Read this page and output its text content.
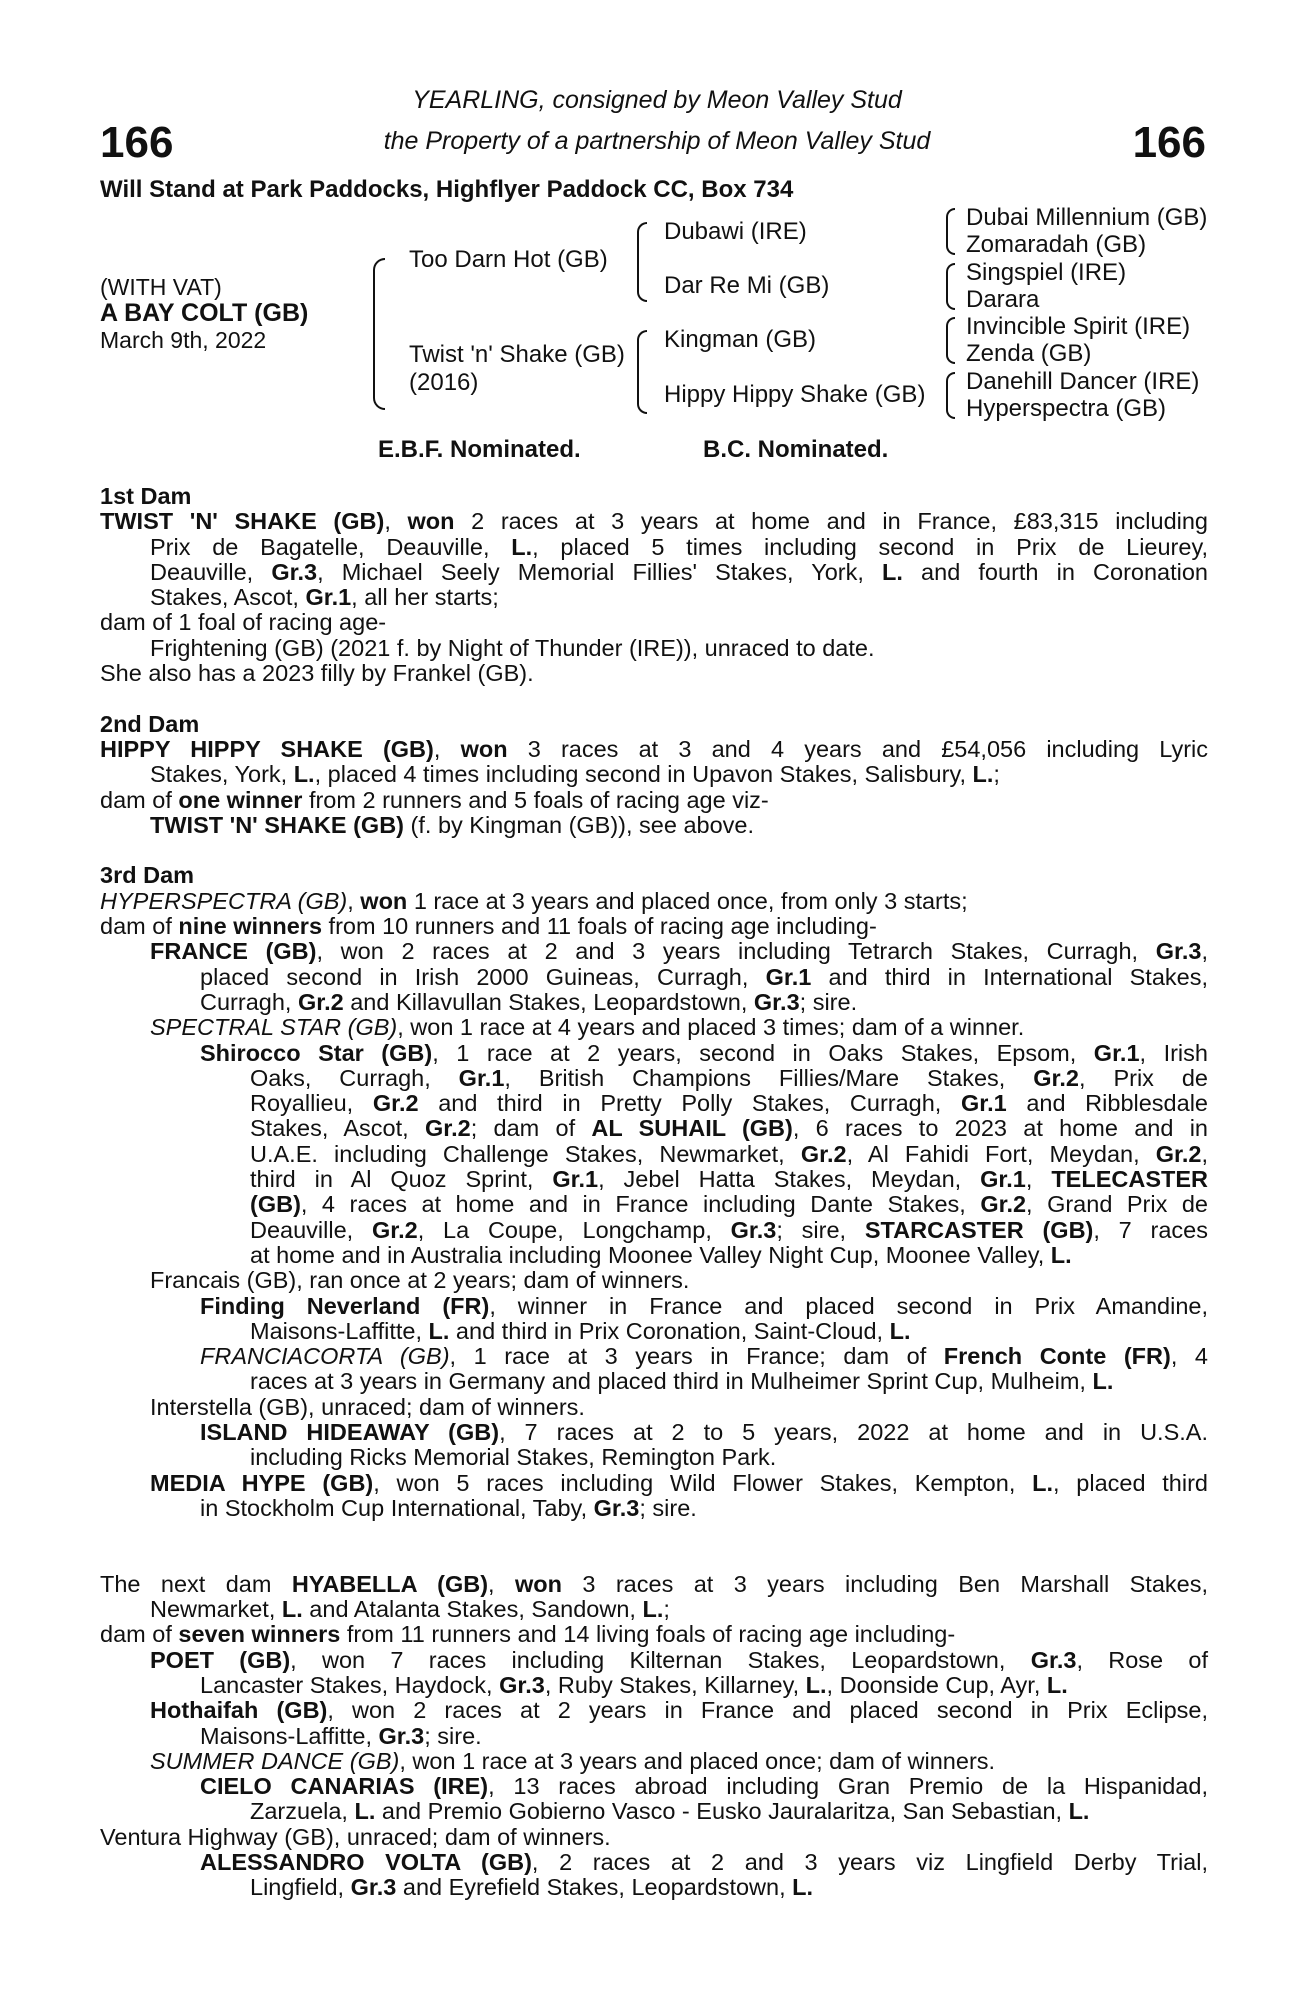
166	166
YEARLING, consigned by Meon Valley Stud
the Property of a partnership of Meon Valley Stud
Will Stand at Park Paddocks, Highflyer Paddock CC, Box 734
(WITH VAT)
A BAY COLT (GB)
March 9th, 2022
Too Darn Hot (GB)
Twist 'n' Shake (GB)
(2016)
Dubawi (IRE)
Dar Re Mi (GB)
Kingman (GB)
Hippy Hippy Shake (GB)
Dubai Millennium (GB)
Zomaradah (GB)
Singspiel (IRE)
Darara
Invincible Spirit (IRE)
Zenda (GB)
Danehill Dancer (IRE)
Hyperspectra (GB)
E.B.F. Nominated.	B.C. Nominated.
1st Dam
TWIST 'N' SHAKE (GB), won 2 races at 3 years at home and in France, £83,315 including
Prix de Bagatelle, Deauville, L., placed 5 times including second in Prix de Lieurey,
Deauville, Gr.3, Michael Seely Memorial Fillies' Stakes, York, L. and fourth in Coronation
Stakes, Ascot, Gr.1, all her starts;
dam of 1 foal of racing age-
Frightening (GB) (2021 f. by Night of Thunder (IRE)), unraced to date.
She also has a 2023 filly by Frankel (GB).
2nd Dam
HIPPY HIPPY SHAKE (GB), won 3 races at 3 and 4 years and £54,056 including Lyric
Stakes, York, L., placed 4 times including second in Upavon Stakes, Salisbury, L.;
dam of one winner from 2 runners and 5 foals of racing age viz-
TWIST 'N' SHAKE (GB) (f. by Kingman (GB)), see above.
3rd Dam
HYPERSPECTRA (GB), won 1 race at 3 years and placed once, from only 3 starts;
dam of nine winners from 10 runners and 11 foals of racing age including-
FRANCE (GB), won 2 races at 2 and 3 years including Tetrarch Stakes, Curragh, Gr.3,
placed second in Irish 2000 Guineas, Curragh, Gr.1 and third in International Stakes,
Curragh, Gr.2 and Killavullan Stakes, Leopardstown, Gr.3; sire.
SPECTRAL STAR (GB), won 1 race at 4 years and placed 3 times; dam of a winner.
Shirocco Star (GB), 1 race at 2 years, second in Oaks Stakes, Epsom, Gr.1, Irish
Oaks, Curragh, Gr.1, British Champions Fillies/Mare Stakes, Gr.2, Prix de
Royallieu, Gr.2 and third in Pretty Polly Stakes, Curragh, Gr.1 and Ribblesdale
Stakes, Ascot, Gr.2; dam of AL SUHAIL (GB), 6 races to 2023 at home and in
U.A.E. including Challenge Stakes, Newmarket, Gr.2, Al Fahidi Fort, Meydan, Gr.2,
third in Al Quoz Sprint, Gr.1, Jebel Hatta Stakes, Meydan, Gr.1, TELECASTER
(GB), 4 races at home and in France including Dante Stakes, Gr.2, Grand Prix de
Deauville, Gr.2, La Coupe, Longchamp, Gr.3; sire, STARCASTER (GB), 7 races
at home and in Australia including Moonee Valley Night Cup, Moonee Valley, L.
Francais (GB), ran once at 2 years; dam of winners.
Finding Neverland (FR), winner in France and placed second in Prix Amandine,
Maisons-Laffitte, L. and third in Prix Coronation, Saint-Cloud, L.
FRANCIACORTA (GB), 1 race at 3 years in France; dam of French Conte (FR), 4
races at 3 years in Germany and placed third in Mulheimer Sprint Cup, Mulheim, L.
Interstella (GB), unraced; dam of winners.
ISLAND HIDEAWAY (GB), 7 races at 2 to 5 years, 2022 at home and in U.S.A.
including Ricks Memorial Stakes, Remington Park.
MEDIA HYPE (GB), won 5 races including Wild Flower Stakes, Kempton, L., placed third
in Stockholm Cup International, Taby, Gr.3; sire.
The next dam HYABELLA (GB), won 3 races at 3 years including Ben Marshall Stakes,
Newmarket, L. and Atalanta Stakes, Sandown, L.;
dam of seven winners from 11 runners and 14 living foals of racing age including-
POET (GB), won 7 races including Kilternan Stakes, Leopardstown, Gr.3, Rose of
Lancaster Stakes, Haydock, Gr.3, Ruby Stakes, Killarney, L., Doonside Cup, Ayr, L.
Hothaifah (GB), won 2 races at 2 years in France and placed second in Prix Eclipse,
Maisons-Laffitte, Gr.3; sire.
SUMMER DANCE (GB), won 1 race at 3 years and placed once; dam of winners.
CIELO CANARIAS (IRE), 13 races abroad including Gran Premio de la Hispanidad,
Zarzuela, L. and Premio Gobierno Vasco - Eusko Jauralaritza, San Sebastian, L.
Ventura Highway (GB), unraced; dam of winners.
ALESSANDRO VOLTA (GB), 2 races at 2 and 3 years viz Lingfield Derby Trial,
Lingfield, Gr.3 and Eyrefield Stakes, Leopardstown, L.
